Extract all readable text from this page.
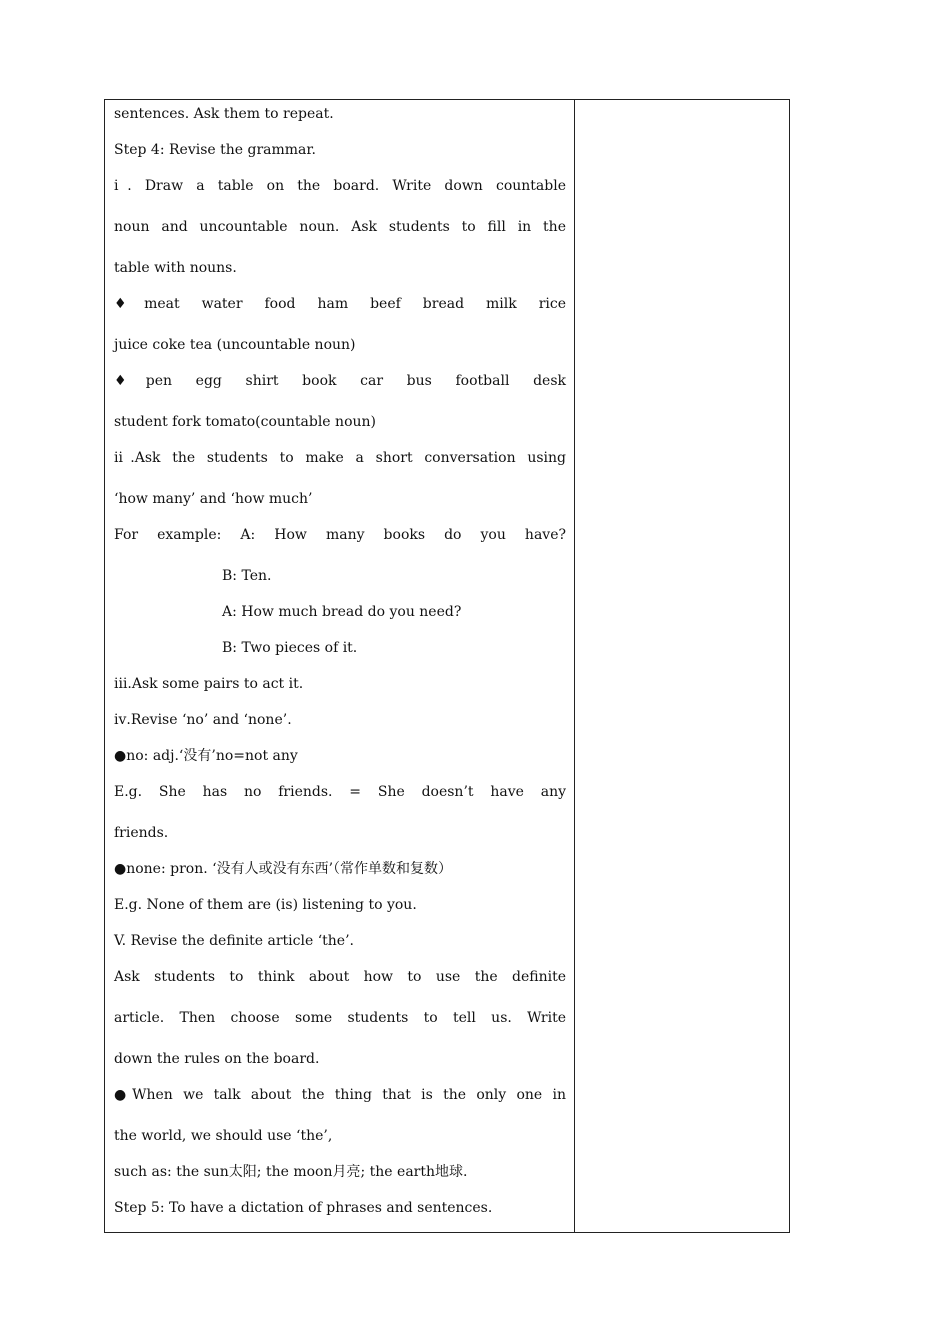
sentences. Ask them to repeat.
Step 4: Revise the grammar.
ⅰ. Draw a table on the board. Write down countable
noun and uncountable noun. Ask students to fill in the
table with nouns.
♦meat water food ham beef bread milk rice
juice coke tea (uncountable noun)
♦pen egg shirt book car bus football desk
student fork tomato(countable noun)
ⅱ.Ask the students to make a short conversation using
‘how many’ and ‘how much’
For example: A: How many books do you have?
B: Ten.
A: How much bread do you need?
B: Two pieces of it.
ⅲ.Ask some pairs to act it.
ⅳ.Revise ‘no’ and ‘none’.
●no: adj.‘没有’no=not any
E.g. She has no friends. = She doesn’t have any
friends.
●none: pron. ‘没有人或没有东西’（常作单数和复数）
E.g. None of them are (is) listening to you.
V. Revise the definite article ‘the’.
Ask students to think about how to use the definite
article. Then choose some students to tell us. Write
down the rules on the board.
●When we talk about the thing that is the only one in
the world, we should use ‘the’,
such as: the sun太阳; the moon月亮; the earth地球.
Step 5: To have a dictation of phrases and sentences.
